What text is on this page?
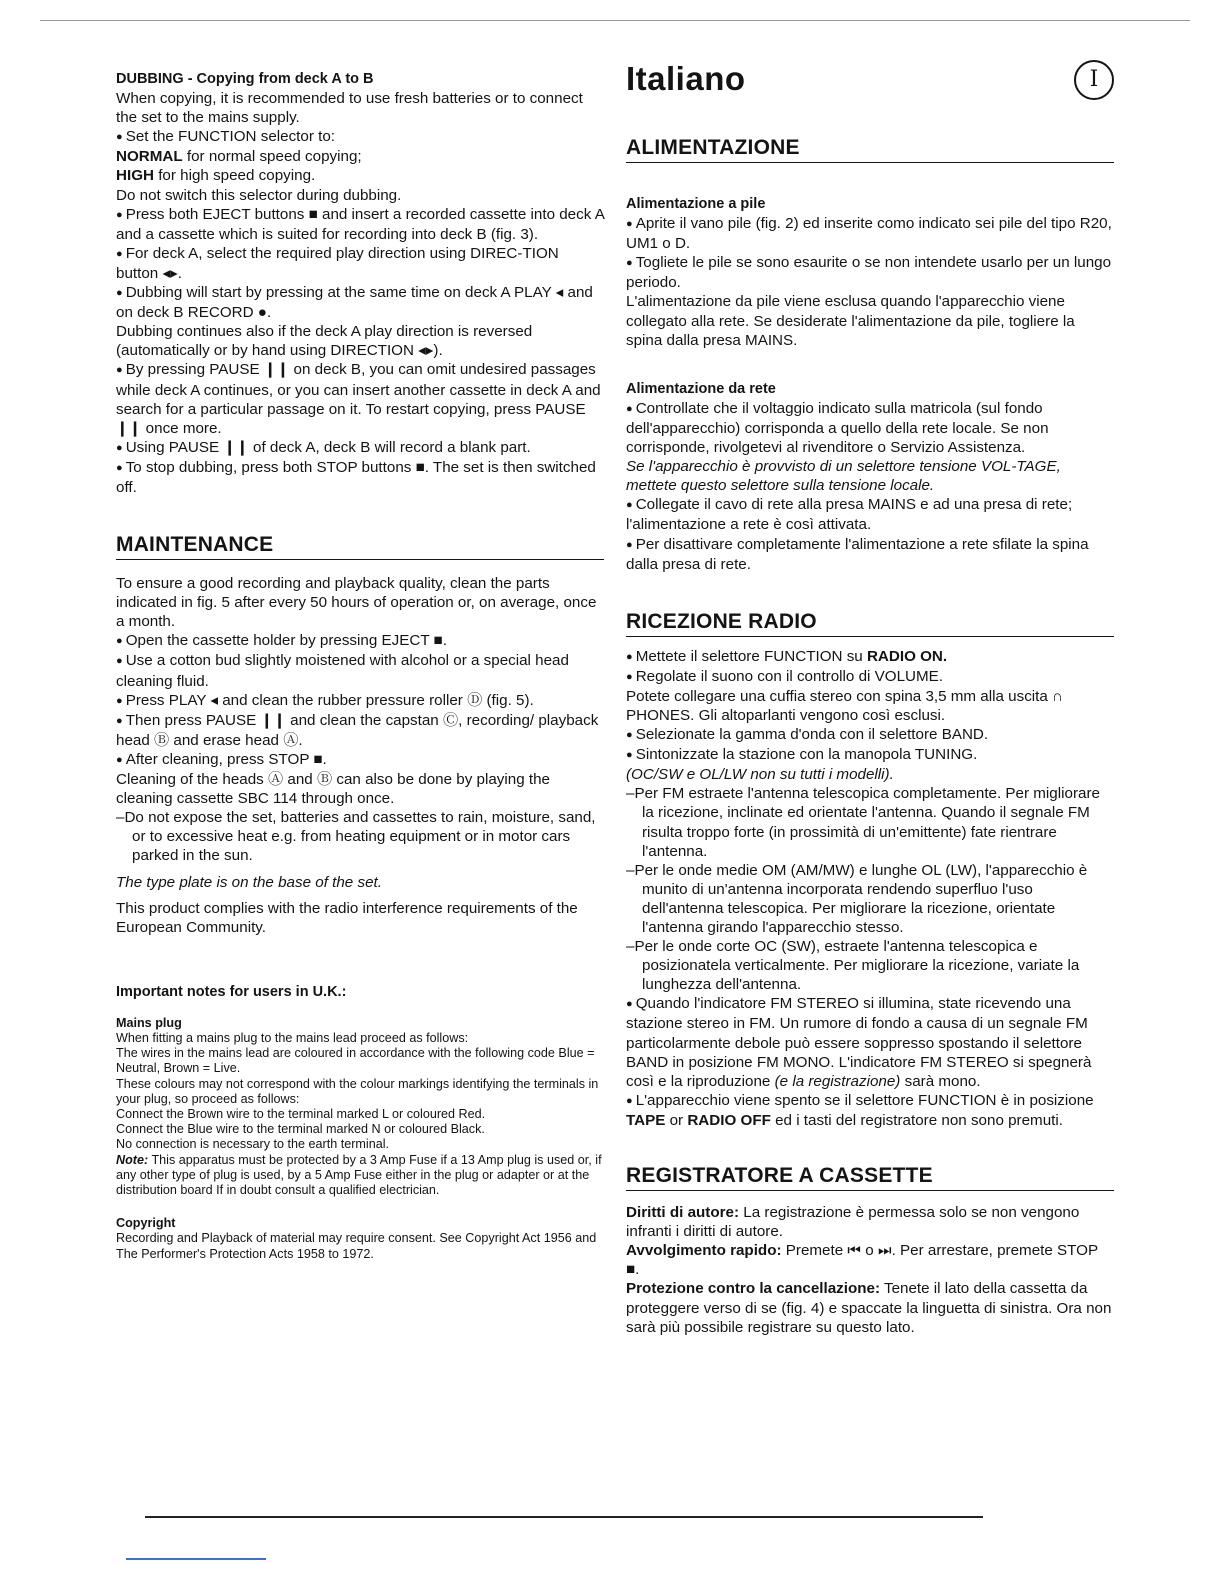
DUBBING - Copying from deck A to B

When copying, it is recommended to use fresh batteries or to connect the set to the mains supply.

● Set the FUNCTION selector to:

NORMAL for normal speed copying;

HIGH for high speed copying.

Do not switch this selector during dubbing.

● Press both EJECT buttons ■ and insert a recorded cassette into deck A and a cassette which is suited for recording into deck B (fig. 3).

● For deck A, select the required play direction using DIREC-TION button ◂▸.

● Dubbing will start by pressing at the same time on deck A PLAY ◂ and on deck B RECORD ●.

Dubbing continues also if the deck A play direction is reversed (automatically or by hand using DIRECTION ◂▸).

● By pressing PAUSE ❙❙ on deck B, you can omit undesired passages while deck A continues, or you can insert another cassette in deck A and search for a particular passage on it. To restart copying, press PAUSE ❙❙ once more.

● Using PAUSE ❙❙ of deck A, deck B will record a blank part.

● To stop dubbing, press both STOP buttons ■. The set is then switched off.

MAINTENANCE

To ensure a good recording and playback quality, clean the parts indicated in fig. 5 after every 50 hours of operation or, on average, once a month.

● Open the cassette holder by pressing EJECT ■.

● Use a cotton bud slightly moistened with alcohol or a special head cleaning fluid.

● Press PLAY ◂ and clean the rubber pressure roller Ⓓ (fig. 5).

● Then press PAUSE ❙❙ and clean the capstan Ⓒ, recording/ playback head Ⓑ and erase head Ⓐ.

● After cleaning, press STOP ■.

Cleaning of the heads Ⓐ and Ⓑ can also be done by playing the cleaning cassette SBC 114 through once.

– Do not expose the set, batteries and cassettes to rain, moisture, sand, or to excessive heat e.g. from heating equipment or in motor cars parked in the sun.

The type plate is on the base of the set.

This product complies with the radio interference requirements of the European Community.

Important notes for users in U.K.:

Mains plug

When fitting a mains plug to the mains lead proceed as follows:

The wires in the mains lead are coloured in accordance with the following code Blue = Neutral, Brown = Live.

These colours may not correspond with the colour markings identifying the terminals in your plug, so proceed as follows:

Connect the Brown wire to the terminal marked L or coloured Red.

Connect the Blue wire to the terminal marked N or coloured Black.

No connection is necessary to the earth terminal.

Note: This apparatus must be protected by a 3 Amp Fuse if a 13 Amp plug is used or, if any other type of plug is used, by a 5 Amp Fuse either in the plug or adapter or at the distribution board If in doubt consult a qualified electrician.

Copyright

Recording and Playback of material may require consent. See Copyright Act 1956 and The Performer's Protection Acts 1958 to 1972.

Italiano	I
ALIMENTAZIONE

Alimentazione a pile

● Aprite il vano pile (fig. 2) ed inserite como indicato sei pile del tipo R20, UM1 o D.

● Togliete le pile se sono esaurite o se non intendete usarlo per un lungo periodo.

L'alimentazione da pile viene esclusa quando l'apparecchio viene collegato alla rete. Se desiderate l'alimentazione da pile, togliere la spina dalla presa MAINS.

Alimentazione da rete

● Controllate che il voltaggio indicato sulla matricola (sul fondo dell'apparecchio) corrisponda a quello della rete locale. Se non corrisponde, rivolgetevi al rivenditore o Servizio Assistenza.

Se l'apparecchio è provvisto di un selettore tensione VOL-TAGE, mettete questo selettore sulla tensione locale.

● Collegate il cavo di rete alla presa MAINS e ad una presa di rete; l'alimentazione a rete è così attivata.

● Per disattivare completamente l'alimentazione a rete sfilate la spina dalla presa di rete.

RICEZIONE RADIO

● Mettete il selettore FUNCTION su RADIO ON.

● Regolate il suono con il controllo di VOLUME.

Potete collegare una cuffia stereo con spina 3,5 mm alla uscita ∩ PHONES. Gli altoparlanti vengono così esclusi.

● Selezionate la gamma d'onda con il selettore BAND.

● Sintonizzate la stazione con la manopola TUNING.

(OC/SW e OL/LW non su tutti i modelli).

– Per FM estraete l'antenna telescopica completamente. Per migliorare la ricezione, inclinate ed orientate l'antenna. Quando il segnale FM risulta troppo forte (in prossimità di un'emittente) fate rientrare l'antenna.

– Per le onde medie OM (AM/MW) e lunghe OL (LW), l'apparecchio è munito di un'antenna incorporata rendendo superfluo l'uso dell'antenna telescopica. Per migliorare la ricezione, orientate l'antenna girando l'apparecchio stesso.

– Per le onde corte OC (SW), estraete l'antenna telescopica e posizionatela verticalmente. Per migliorare la ricezione, variate la lunghezza dell'antenna.

● Quando l'indicatore FM STEREO si illumina, state ricevendo una stazione stereo in FM. Un rumore di fondo a causa di un segnale FM particolarmente debole può essere soppresso spostando il selettore BAND in posizione FM MONO. L'indicatore FM STEREO si spegnerà così e la riproduzione (e la registrazione) sarà mono.

● L'apparecchio viene spento se il selettore FUNCTION è in posizione TAPE or RADIO OFF ed i tasti del registratore non sono premuti.

REGISTRATORE A CASSETTE

Diritti di autore: La registrazione è permessa solo se non vengono infranti i diritti di autore.

Avvolgimento rapido: Premete ⏮ o ⏭. Per arrestare, premete STOP ■.

Protezione contro la cancellazione: Tenete il lato della cassetta da proteggere verso di se (fig. 4) e spaccate la linguetta di sinistra. Ora non sarà più possibile registrare su questo lato.
